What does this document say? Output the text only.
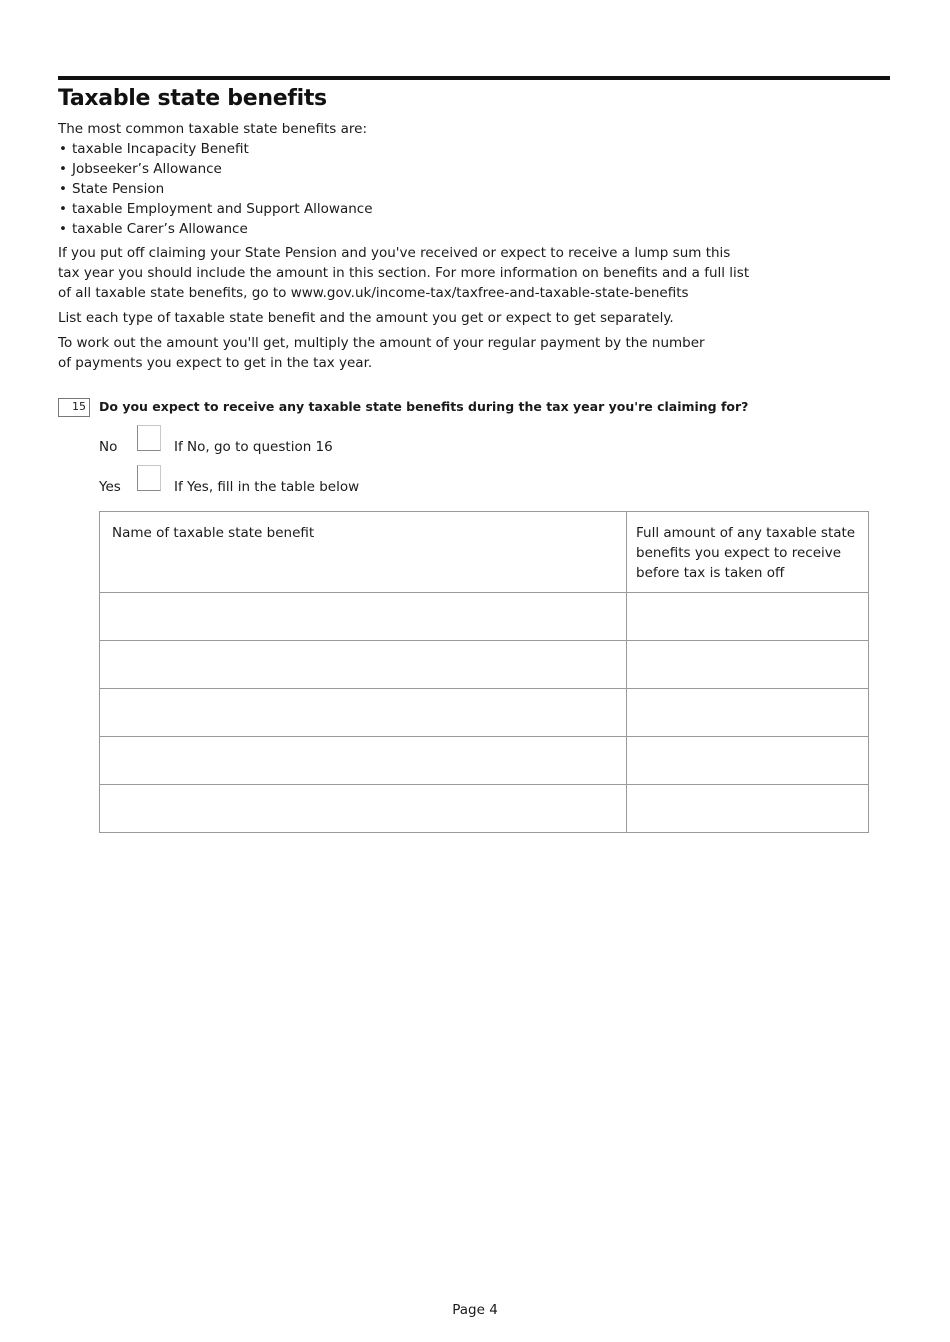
Taxable state benefits
The most common taxable state benefits are:
• taxable Incapacity Benefit
• Jobseeker’s Allowance
• State Pension
• taxable Employment and Support Allowance
• taxable Carer’s Allowance

If you put off claiming your State Pension and you've received or expect to receive a lump sum this
tax year you should include the amount in this section. For more information on benefits and a full list
of all taxable state benefits, go to www.gov.uk/income-tax/taxfree-and-taxable-state-benefits

List each type of taxable state benefit and the amount you get or expect to get separately.

To work out the amount you'll get, multiply the amount of your regular payment by the number
of payments you expect to get in the tax year.

15	Do you expect to receive any taxable state benefits during the tax year you're claiming for?
No	If No, go to question 16
Yes	If Yes, fill in the table below
Name of taxable state benefit	Full amount of any taxable state benefits you expect to receive before tax is taken off

Page 4
